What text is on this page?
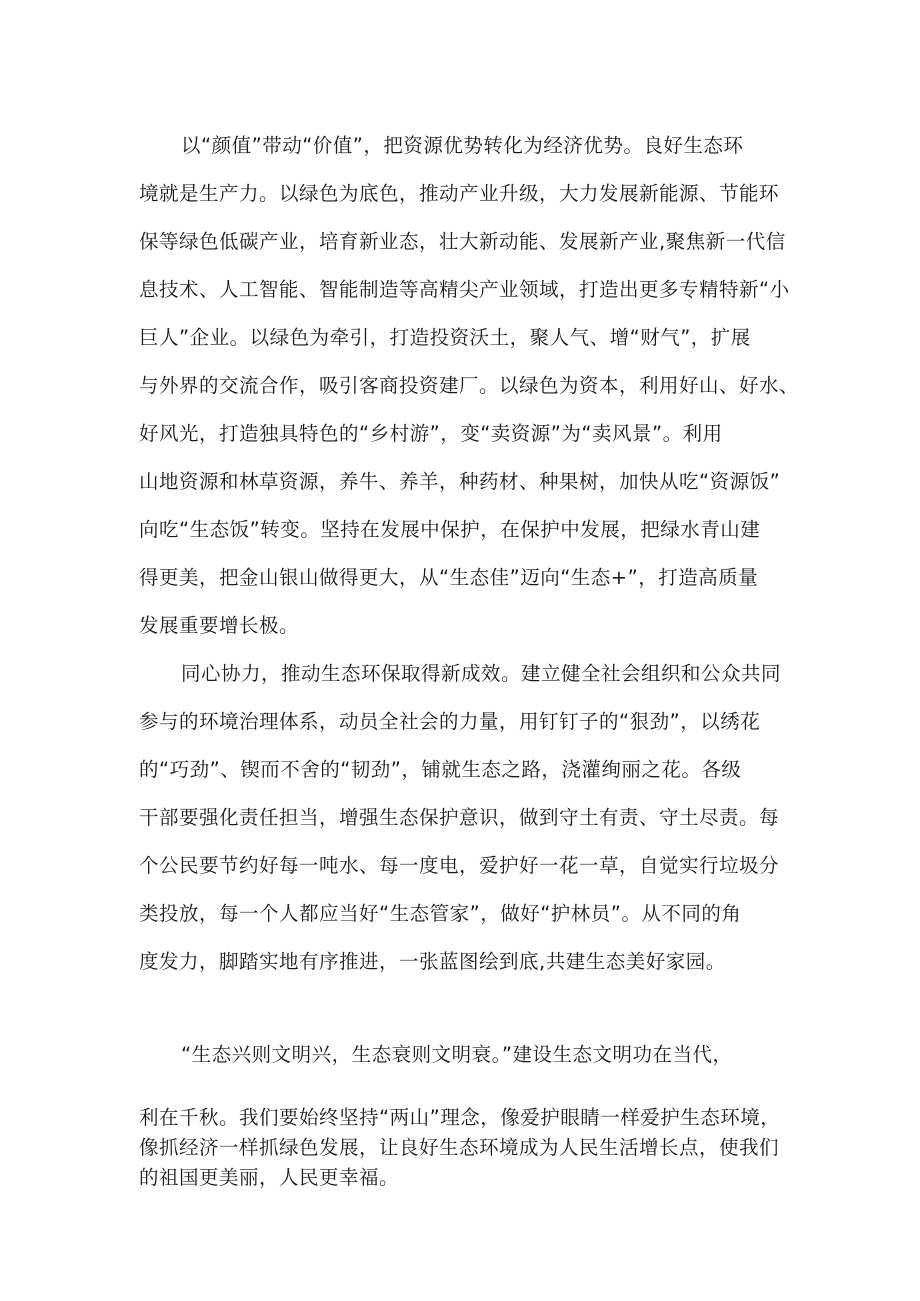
以“颜值”带动“价值”，把资源优势转化为经济优势。良好生态环
境就是生产力。以绿色为底色，推动产业升级，大力发展新能源、节能环
保等绿色低碳产业，培育新业态，壮大新动能、发展新产业,聚焦新一代信
息技术、人工智能、智能制造等高精尖产业领域，打造出更多专精特新“小
巨人”企业。以绿色为牵引，打造投资沃土，聚人气、增“财气”，扩展
与外界的交流合作，吸引客商投资建厂。以绿色为资本，利用好山、好水、
好风光，打造独具特色的“乡村游”，变“卖资源”为“卖风景”。利用
山地资源和林草资源，养牛、养羊，种药材、种果树，加快从吃“资源饭”
向吃“生态饭”转变。坚持在发展中保护，在保护中发展，把绿水青山建
得更美，把金山银山做得更大，从“生态佳”迈向“生态+”，打造高质量
发展重要增长极。
同心协力，推动生态环保取得新成效。建立健全社会组织和公众共同
参与的环境治理体系，动员全社会的力量，用钉钉子的“狠劲”，以绣花
的“巧劲”、锲而不舍的“韧劲”，铺就生态之路，浇灌绚丽之花。各级
干部要强化责任担当，增强生态保护意识，做到守土有责、守土尽责。每
个公民要节约好每一吨水、每一度电，爱护好一花一草，自觉实行垃圾分
类投放，每一个人都应当好“生态管家”，做好“护林员”。从不同的角
度发力，脚踏实地有序推进，一张蓝图绘到底,共建生态美好家园。
“生态兴则文明兴，生态衰则文明衰。”建设生态文明功在当代，
利在千秋。我们要始终坚持“两山”理念，像爱护眼睛一样爱护生态环境，
像抓经济一样抓绿色发展，让良好生态环境成为人民生活增长点，使我们
的祖国更美丽，人民更幸福。
